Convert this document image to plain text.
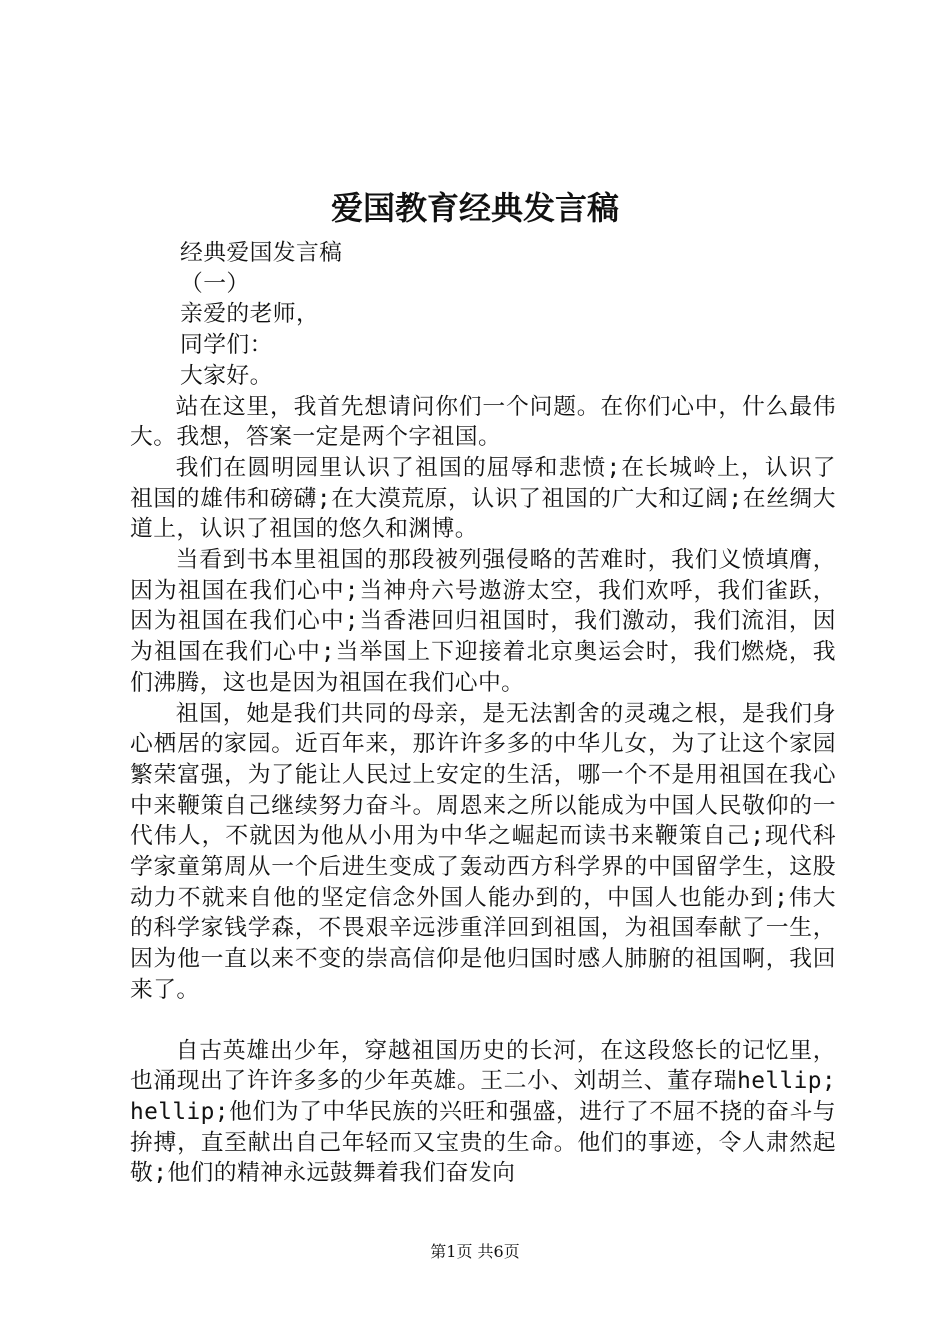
爱国教育经典发言稿

经典爱国发言稿

（一）

亲爱的老师，

同学们：

大家好。

站在这里，我首先想请问你们一个问题。在你们心中，什么最伟大。我想，答案一定是两个字祖国。

我们在圆明园里认识了祖国的屈辱和悲愤;在长城岭上，认识了祖国的雄伟和磅礴;在大漠荒原，认识了祖国的广大和辽阔;在丝绸大道上，认识了祖国的悠久和渊博。

当看到书本里祖国的那段被列强侵略的苦难时，我们义愤填膺，因为祖国在我们心中;当神舟六号遨游太空，我们欢呼，我们雀跃，因为祖国在我们心中;当香港回归祖国时，我们激动，我们流泪，因为祖国在我们心中;当举国上下迎接着北京奥运会时，我们燃烧，我们沸腾，这也是因为祖国在我们心中。

祖国，她是我们共同的母亲，是无法割舍的灵魂之根，是我们身心栖居的家园。近百年来，那许许多多的中华儿女，为了让这个家园繁荣富强，为了能让人民过上安定的生活，哪一个不是用祖国在我心中来鞭策自己继续努力奋斗。周恩来之所以能成为中国人民敬仰的一代伟人，不就因为他从小用为中华之崛起而读书来鞭策自己;现代科学家童第周从一个后进生变成了轰动西方科学界的中国留学生，这股动力不就来自他的坚定信念外国人能办到的，中国人也能办到;伟大的科学家钱学森，不畏艰辛远涉重洋回到祖国，为祖国奉献了一生，因为他一直以来不变的崇高信仰是他归国时感人肺腑的祖国啊，我回来了。

自古英雄出少年，穿越祖国历史的长河，在这段悠长的记忆里，也涌现出了许许多多的少年英雄。王二小、刘胡兰、董存瑞hellip;hellip;他们为了中华民族的兴旺和强盛，进行了不屈不挠的奋斗与拚搏，直至献出自己年轻而又宝贵的生命。他们的事迹，令人肃然起敬;他们的精神永远鼓舞着我们奋发向

第1页 共6页
